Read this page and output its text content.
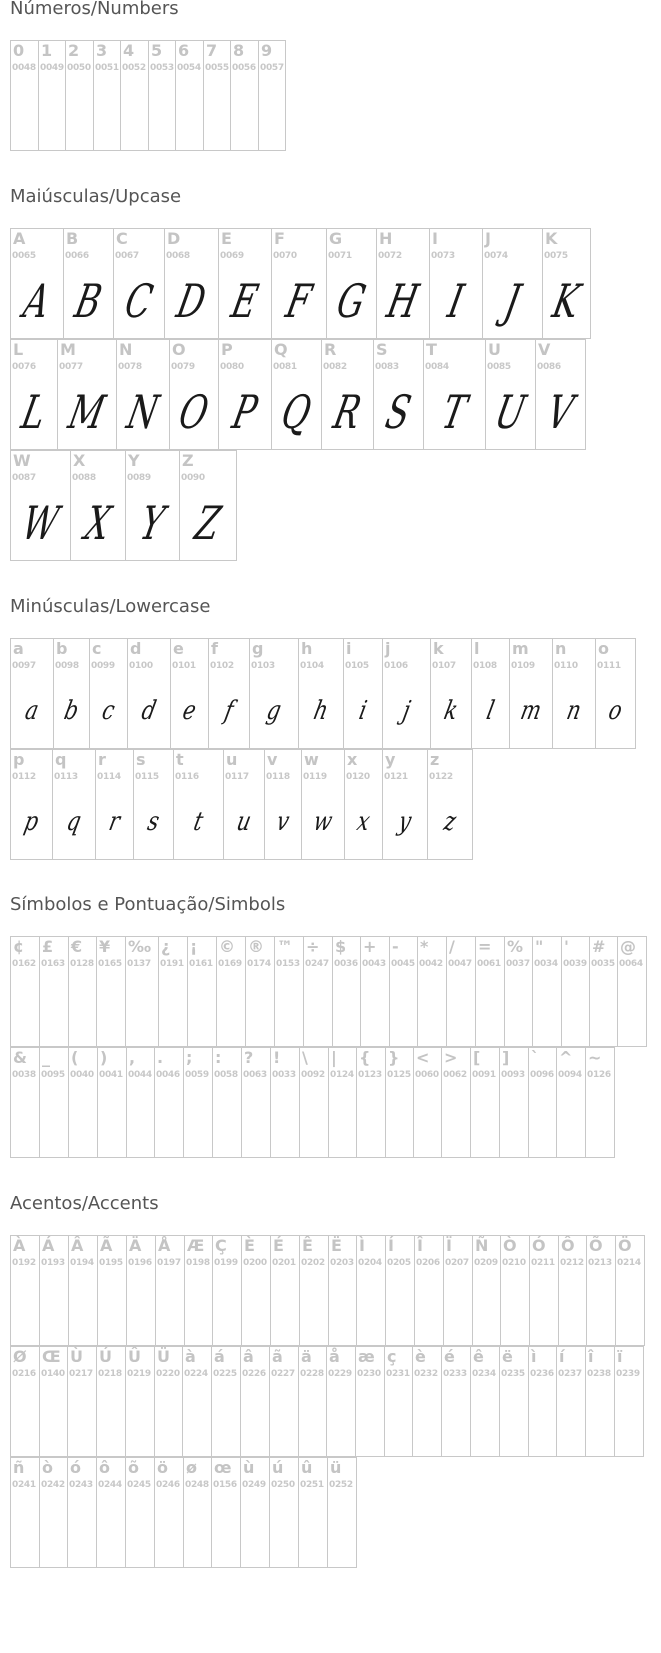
Números/Numbers
Maiúsculas/Upcase
Minúsculas/Lowercase
Símbolos e Pontuação/Simbols
Acentos/Accents
0
0048
1
0049
2
0050
3
0051
4
0052
5
0053
6
0054
7
0055
8
0056
9
0057
A
0065
A
B
0066
B
C
0067
C
D
0068
D
E
0069
E
F
0070
F
G
0071
G
H
0072
H
I
0073
I
J
0074
J
K
0075
K
L
0076
L
M
0077
M
N
0078
N
O
0079
O
P
0080
P
Q
0081
Q
R
0082
R
S
0083
S
T
0084
T
U
0085
U
V
0086
V
W
0087
W
X
0088
X
Y
0089
Y
Z
0090
Z
a
0097
a
b
0098
b
c
0099
c
d
0100
d
e
0101
e
f
0102
f
g
0103
g
h
0104
h
i
0105
i
j
0106
j
k
0107
k
l
0108
l
m
0109
m
n
0110
n
o
0111
o
p
0112
p
q
0113
q
r
0114
r
s
0115
s
t
0116
t
u
0117
u
v
0118
v
w
0119
w
x
0120
x
y
0121
y
z
0122
z
¢
0162
£
0163
€
0128
¥
0165
‰
0137
¿
0191
¡
0161
©
0169
®
0174
™
0153
÷
0247
$
0036
+
0043
-
0045
*
0042
/
0047
=
0061
%
0037
"
0034
'
0039
#
0035
@
0064
&
0038
_
0095
(
0040
)
0041
,
0044
.
0046
;
0059
:
0058
?
0063
!
0033
\
0092
|
0124
{
0123
}
0125
<
0060
>
0062
[
0091
]
0093
`
0096
^
0094
~
0126
À
0192
Á
0193
Â
0194
Ã
0195
Ä
0196
Å
0197
Æ
0198
Ç
0199
È
0200
É
0201
Ê
0202
Ë
0203
Ì
0204
Í
0205
Î
0206
Ï
0207
Ñ
0209
Ò
0210
Ó
0211
Ô
0212
Õ
0213
Ö
0214
Ø
0216
Œ
0140
Ù
0217
Ú
0218
Û
0219
Ü
0220
à
0224
á
0225
â
0226
ã
0227
ä
0228
å
0229
æ
0230
ç
0231
è
0232
é
0233
ê
0234
ë
0235
ì
0236
í
0237
î
0238
ï
0239
ñ
0241
ò
0242
ó
0243
ô
0244
õ
0245
ö
0246
ø
0248
œ
0156
ù
0249
ú
0250
û
0251
ü
0252
